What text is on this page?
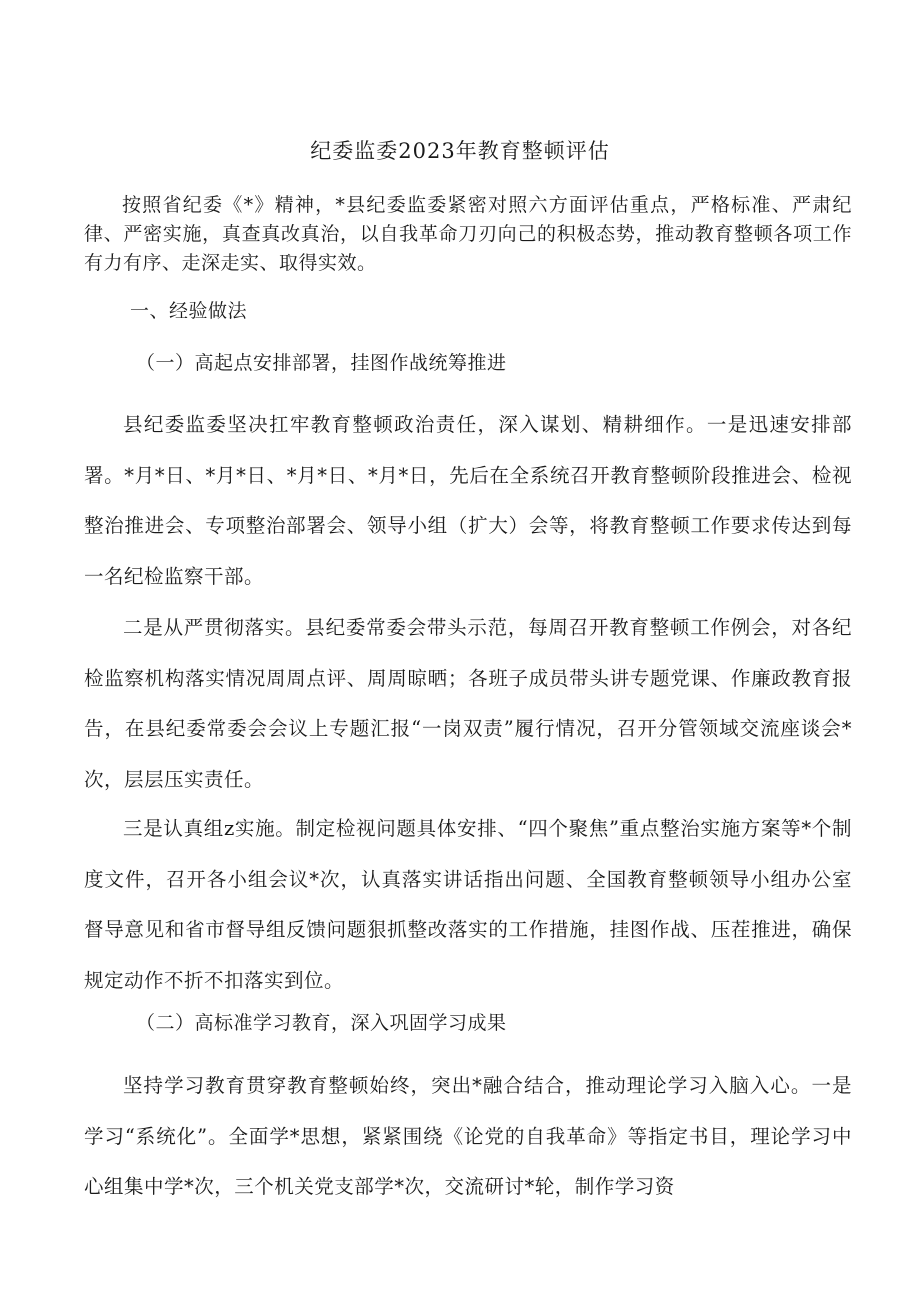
纪委监委2023年教育整顿评估

按照省纪委《*》精神，*县纪委监委紧密对照六方面评估重点，严格标准、严肃纪律、严密实施，真查真改真治，以自我革命刀刃向己的积极态势，推动教育整顿各项工作有力有序、走深走实、取得实效。

一、经验做法
（一）高起点安排部署，挂图作战统筹推进

县纪委监委坚决扛牢教育整顿政治责任，深入谋划、精耕细作。一是迅速安排部署。*月*日、*月*日、*月*日、*月*日，先后在全系统召开教育整顿阶段推进会、检视整治推进会、专项整治部署会、领导小组（扩大）会等，将教育整顿工作要求传达到每一名纪检监察干部。

二是从严贯彻落实。县纪委常委会带头示范，每周召开教育整顿工作例会，对各纪检监察机构落实情况周周点评、周周晾晒；各班子成员带头讲专题党课、作廉政教育报告，在县纪委常委会会议上专题汇报“一岗双责”履行情况，召开分管领域交流座谈会*次，层层压实责任。

三是认真组z实施。制定检视问题具体安排、“四个聚焦”重点整治实施方案等*个制度文件，召开各小组会议*次，认真落实讲话指出问题、全国教育整顿领导小组办公室督导意见和省市督导组反馈问题狠抓整改落实的工作措施，挂图作战、压茬推进，确保规定动作不折不扣落实到位。

（二）高标准学习教育，深入巩固学习成果

坚持学习教育贯穿教育整顿始终，突出*融合结合，推动理论学习入脑入心。一是学习“系统化”。全面学*思想，紧紧围绕《论党的自我革命》等指定书目，理论学习中心组集中学*次，三个机关党支部学*次，交流研讨*轮，制作学习资
